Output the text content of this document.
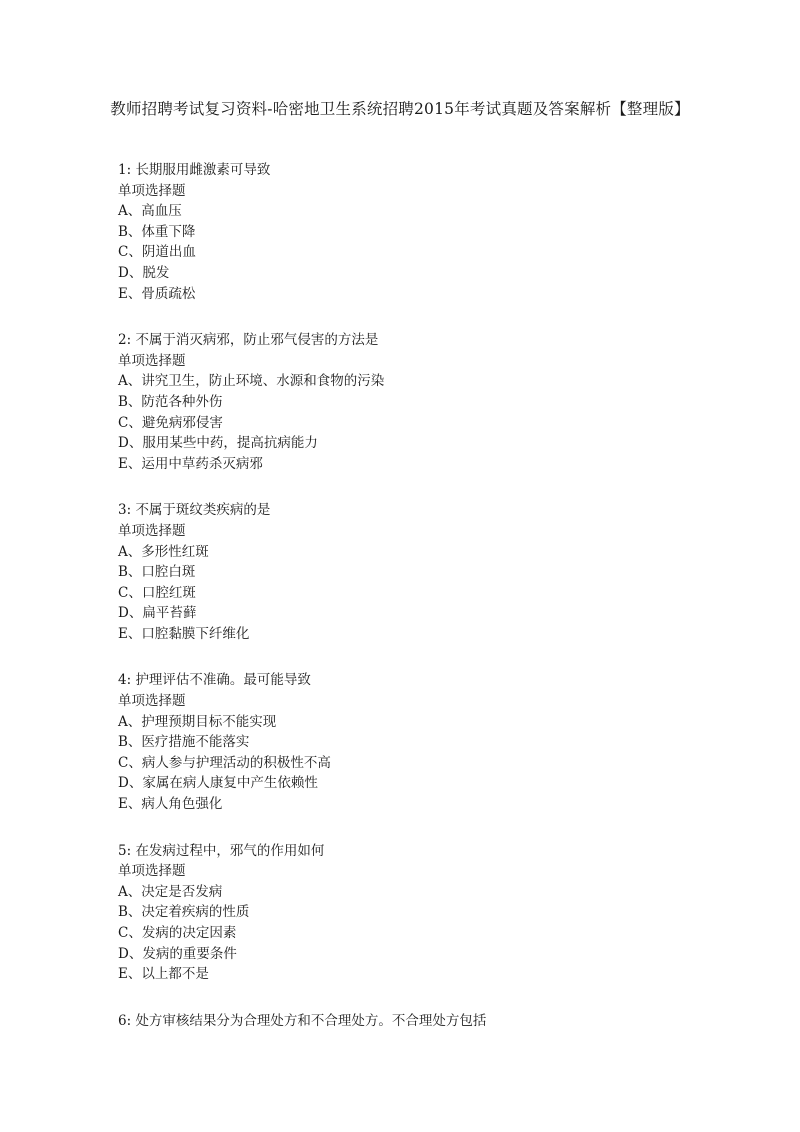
教师招聘考试复习资料-哈密地卫生系统招聘2015年考试真题及答案解析【整理版】
1: 长期服用雌激素可导致
单项选择题
A、高血压
B、体重下降
C、阴道出血
D、脱发
E、骨质疏松
2: 不属于消灭病邪，防止邪气侵害的方法是
单项选择题
A、讲究卫生，防止环境、水源和食物的污染
B、防范各种外伤
C、避免病邪侵害
D、服用某些中药，提高抗病能力
E、运用中草药杀灭病邪
3: 不属于斑纹类疾病的是
单项选择题
A、多形性红斑
B、口腔白斑
C、口腔红斑
D、扁平苔藓
E、口腔黏膜下纤维化
4: 护理评估不准确。最可能导致
单项选择题
A、护理预期目标不能实现
B、医疗措施不能落实
C、病人参与护理活动的积极性不高
D、家属在病人康复中产生依赖性
E、病人角色强化
5: 在发病过程中，邪气的作用如何
单项选择题
A、决定是否发病
B、决定着疾病的性质
C、发病的决定因素
D、发病的重要条件
E、以上都不是
6: 处方审核结果分为合理处方和不合理处方。不合理处方包括
